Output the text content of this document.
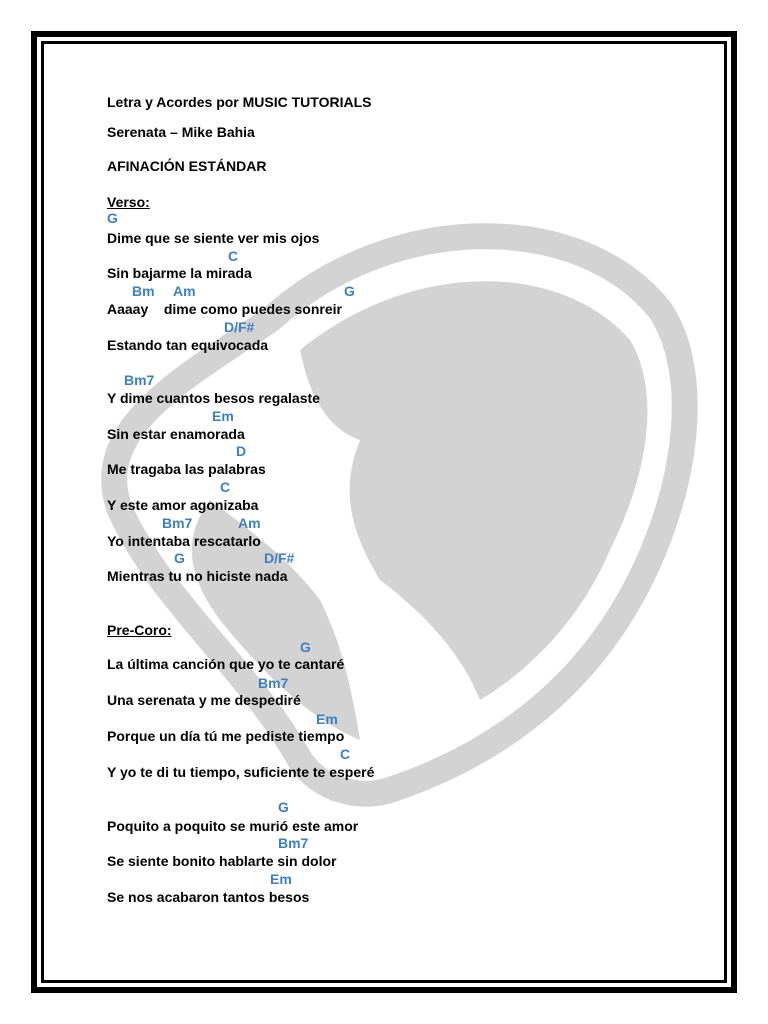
Letra y Acordes por MUSIC TUTORIALS
Serenata – Mike Bahia
AFINACIÓN ESTÁNDAR
Verso:
G
Dime que se siente ver mis ojos
C
Sin bajarme la mirada
Bm Am	G
Aaaay    dime como puedes sonreir
D/F#
Estando tan equivocada
Bm7
Y dime cuantos besos regalaste
Em
Sin estar enamorada
D
Me tragaba las palabras
C
Y este amor agonizaba
Bm7	Am
Yo intentaba rescatarlo
G	D/F#
Mientras tu no hiciste nada
Pre-Coro:
G
La última canción que yo te cantaré
Bm7
Una serenata y me despediré
Em
Porque un día tú me pediste tiempo
C
Y yo te di tu tiempo, suficiente te esperé
G
Poquito a poquito se murió este amor
Bm7
Se siente bonito hablarte sin dolor
Em
Se nos acabaron tantos besos
